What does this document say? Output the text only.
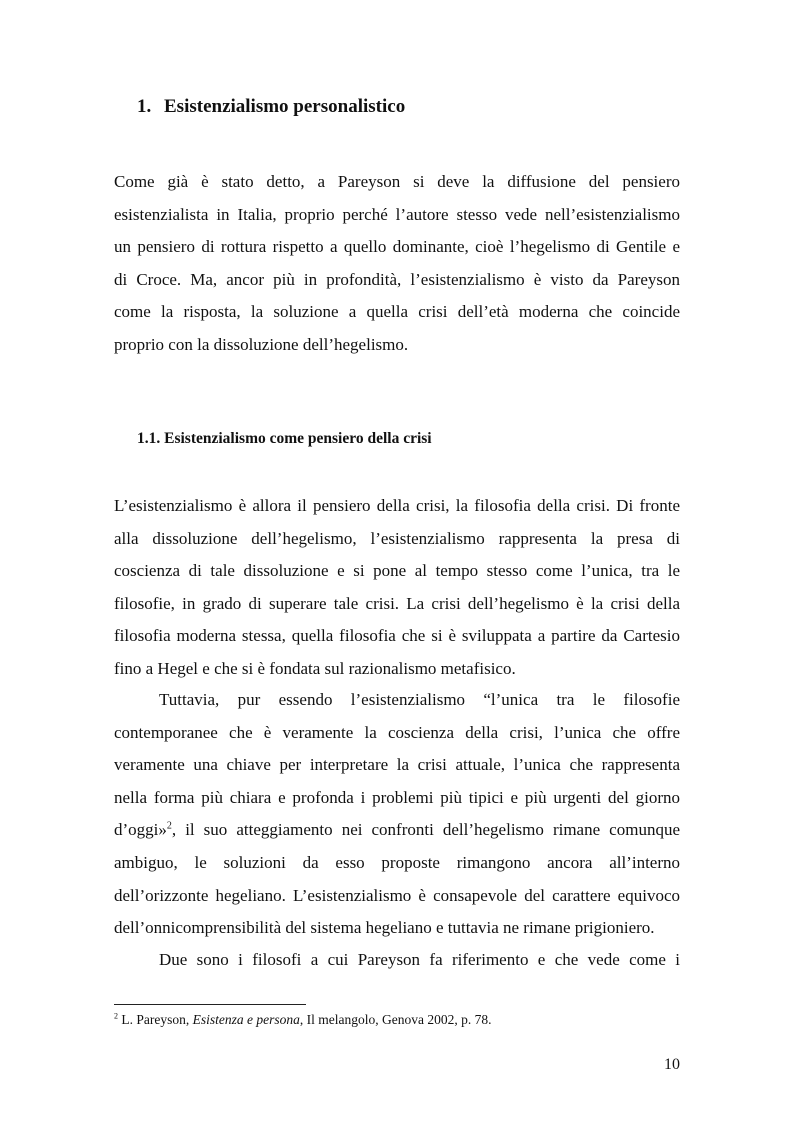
1. Esistenzialismo personalistico
Come già è stato detto, a Pareyson si deve la diffusione del pensiero
esistenzialista in Italia, proprio perché l’autore stesso vede nell’esistenzialismo
un pensiero di rottura rispetto a quello dominante, cioè l’hegelismo di Gentile e
di Croce. Ma, ancor più in profondità, l’esistenzialismo è visto da Pareyson
come la risposta, la soluzione a quella crisi dell’età moderna che coincide
proprio con la dissoluzione dell’hegelismo.
1.1. Esistenzialismo come pensiero della crisi
L’esistenzialismo è allora il pensiero della crisi, la filosofia della crisi. Di fronte
alla dissoluzione dell’hegelismo, l’esistenzialismo rappresenta la presa di
coscienza di tale dissoluzione e si pone al tempo stesso come l’unica, tra le
filosofie, in grado di superare tale crisi. La crisi dell’hegelismo è la crisi della
filosofia moderna stessa, quella filosofia che si è sviluppata a partire da Cartesio
fino a Hegel e che si è fondata sul razionalismo metafisico.
Tuttavia, pur essendo l’esistenzialismo “l’unica tra le filosofie
contemporanee che è veramente la coscienza della crisi, l’unica che offre
veramente una chiave per interpretare la crisi attuale, l’unica che rappresenta
nella forma più chiara e profonda i problemi più tipici e più urgenti del giorno
d’oggi»$^2$, il suo atteggiamento nei confronti dell’hegelismo rimane comunque
ambiguo, le soluzioni da esso proposte rimangono ancora all’interno
dell’orizzonte hegeliano. L’esistenzialismo è consapevole del carattere equivoco
dell’onnicomprensibilità del sistema hegeliano e tuttavia ne rimane prigioniero.
Due sono i filosofi a cui Pareyson fa riferimento e che vede come i

$^2$ L. Pareyson, Esistenza e persona, Il melangolo, Genova 2002, p. 78.

10
